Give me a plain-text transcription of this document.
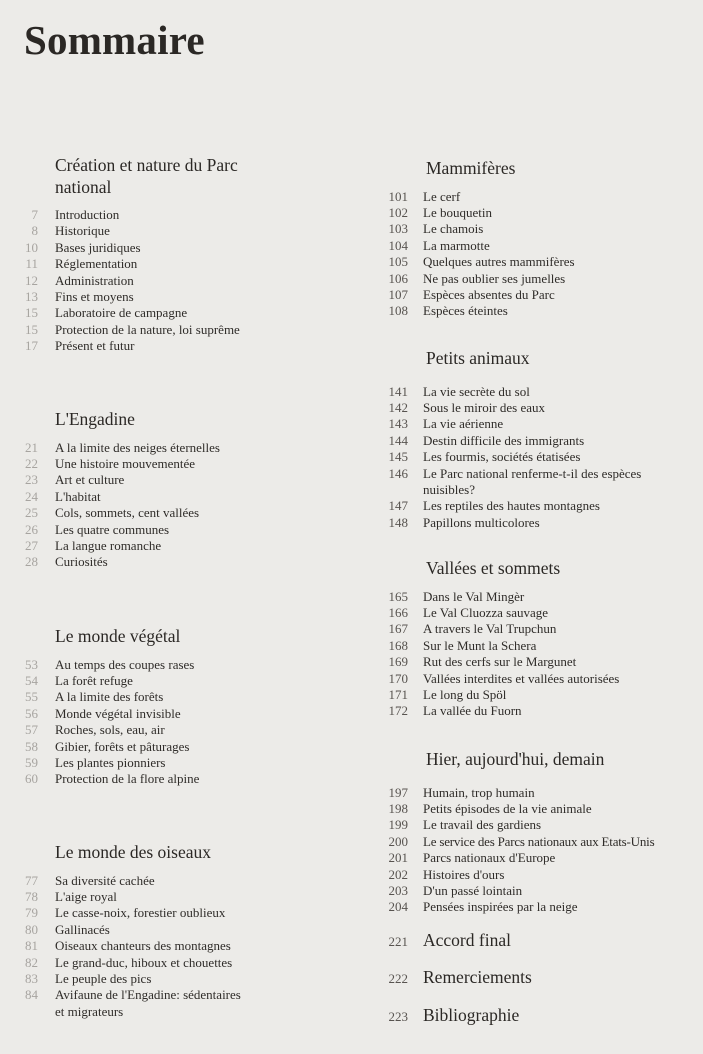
Sommaire
Création et nature du Parc national
7 Introduction
8 Historique
10 Bases juridiques
11 Réglementation
12 Administration
13 Fins et moyens
15 Laboratoire de campagne
15 Protection de la nature, loi suprême
17 Présent et futur
L'Engadine
21 A la limite des neiges éternelles
22 Une histoire mouvementée
23 Art et culture
24 L'habitat
25 Cols, sommets, cent vallées
26 Les quatre communes
27 La langue romanche
28 Curiosités
Le monde végétal
53 Au temps des coupes rases
54 La forêt refuge
55 A la limite des forêts
56 Monde végétal invisible
57 Roches, sols, eau, air
58 Gibier, forêts et pâturages
59 Les plantes pionniers
60 Protection de la flore alpine
Le monde des oiseaux
77 Sa diversité cachée
78 L'aige royal
79 Le casse-noix, forestier oublieux
80 Gallinacés
81 Oiseaux chanteurs des montagnes
82 Le grand-duc, hiboux et chouettes
83 Le peuple des pics
84 Avifaune de l'Engadine: sédentaires et migrateurs
Mammifères
101 Le cerf
102 Le bouquetin
103 Le chamois
104 La marmotte
105 Quelques autres mammifères
106 Ne pas oublier ses jumelles
107 Espèces absentes du Parc
108 Espèces éteintes
Petits animaux
141 La vie secrète du sol
142 Sous le miroir des eaux
143 La vie aérienne
144 Destin difficile des immigrants
145 Les fourmis, sociétés étatisées
146 Le Parc national renferme-t-il des espèces nuisibles?
147 Les reptiles des hautes montagnes
148 Papillons multicolores
Vallées et sommets
165 Dans le Val Mingèr
166 Le Val Cluozza sauvage
167 A travers le Val Trupchun
168 Sur le Munt la Schera
169 Rut des cerfs sur le Margunet
170 Vallées interdites et vallées autorisées
171 Le long du Spöl
172 La vallée du Fuorn
Hier, aujourd'hui, demain
197 Humain, trop humain
198 Petits épisodes de la vie animale
199 Le travail des gardiens
200 Le service des Parcs nationaux aux Etats-Unis
201 Parcs nationaux d'Europe
202 Histoires d'ours
203 D'un passé lointain
204 Pensées inspirées par la neige
221 Accord final
222 Remerciements
223 Bibliographie
